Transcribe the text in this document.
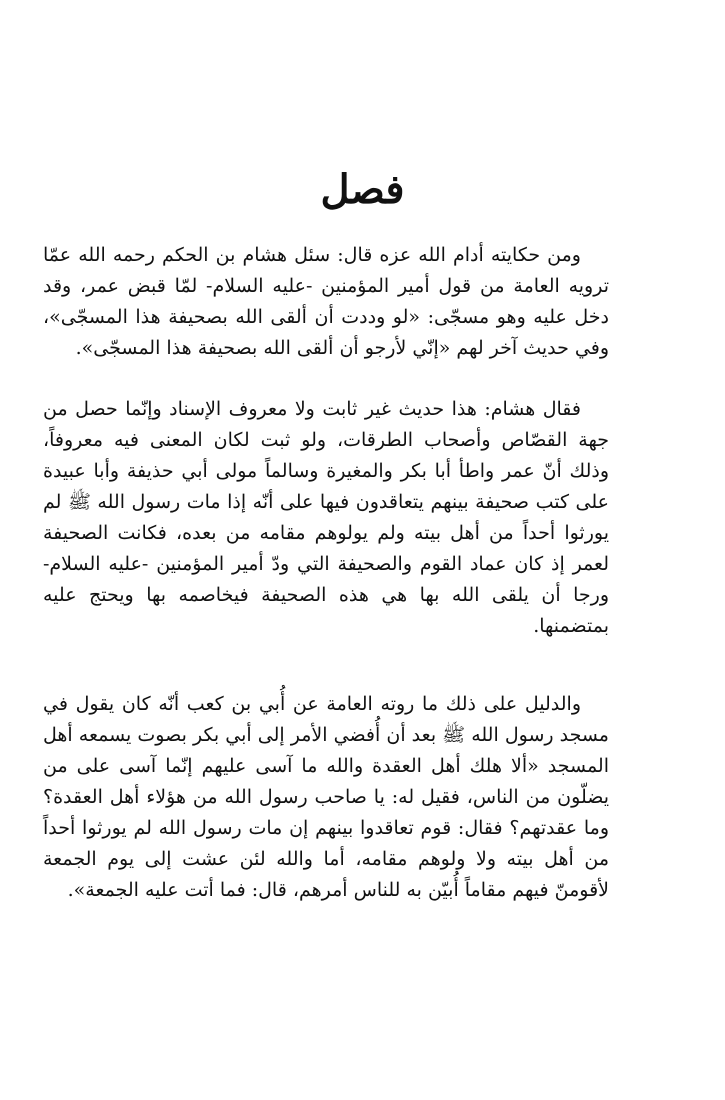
فصل

ومن حكايته أدام الله عزه قال: سئل هشام بن الحكم رحمه الله عمّا ترويه العامة من قول أمير المؤمنين -عليه السلام- لمّا قبض عمر، وقد دخل عليه وهو مسجّى: «لو وددت أن ألقى الله بصحيفة هذا المسجّى»، وفي حديث آخر لهم «إنّي لأرجو أن ألقى الله بصحيفة هذا المسجّى».

فقال هشام: هذا حديث غير ثابت ولا معروف الإسناد وإنّما حصل من جهة القصّاص وأصحاب الطرقات، ولو ثبت لكان المعنى فيه معروفاً، وذلك أنّ عمر واطأ أبا بكر والمغيرة وسالماً مولى أبي حذيفة وأبا عبيدة على كتب صحيفة بينهم يتعاقدون فيها على أنّه إذا مات رسول الله ﷺ لم يورثوا أحداً من أهل بيته ولم يولوهم مقامه من بعده، فكانت الصحيفة لعمر إذ كان عماد القوم والصحيفة التي ودّ أمير المؤمنين -عليه السلام- ورجا أن يلقى الله بها هي هذه الصحيفة فيخاصمه بها ويحتج عليه بمتضمنها.

والدليل على ذلك ما روته العامة عن أُبي بن كعب أنّه كان يقول في مسجد رسول الله ﷺ بعد أن أُفضي الأمر إلى أبي بكر بصوت يسمعه أهل المسجد «ألا هلك أهل العقدة والله ما آسى عليهم إنّما آسى على من يضلّون من الناس، فقيل له: يا صاحب رسول الله من هؤلاء أهل العقدة؟ وما عقدتهم؟ فقال: قوم تعاقدوا بينهم إن مات رسول الله لم يورثوا أحداً من أهل بيته ولا ولوهم مقامه، أما والله لئن عشت إلى يوم الجمعة لأقومنّ فيهم مقاماً أُبيّن به للناس أمرهم، قال: فما أتت عليه الجمعة».
